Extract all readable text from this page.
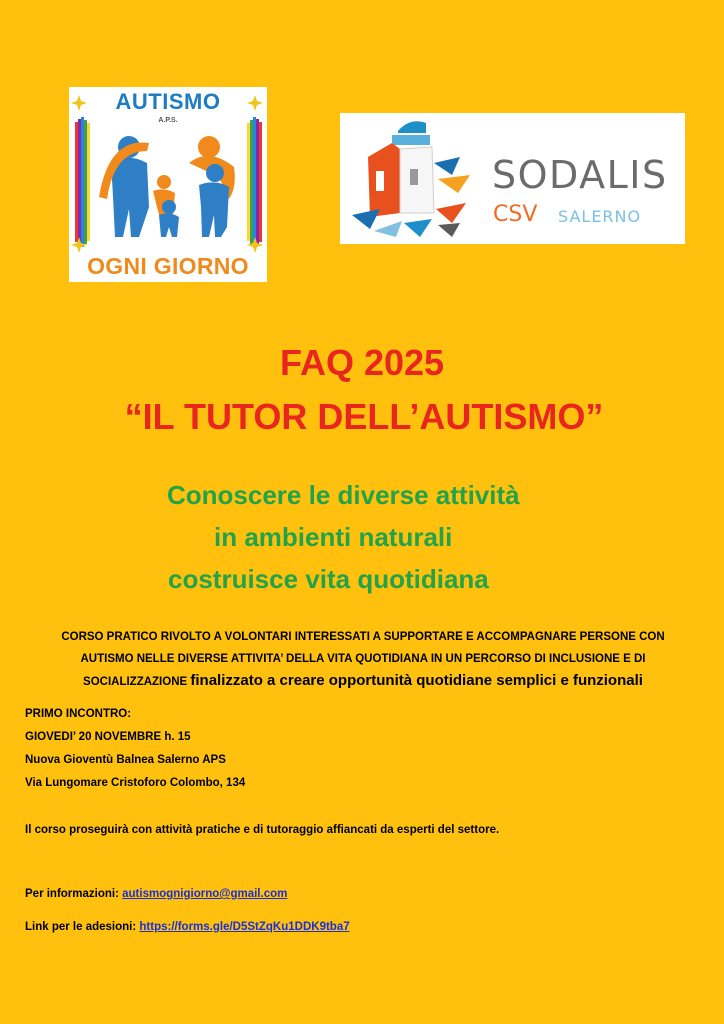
AUTISMO
A.P.S.
OGNI GIORNO
SODALIS
CSV SALERNO
FAQ 2025
“IL TUTOR DELL’AUTISMO”

Conoscere le diverse attività

in ambienti naturali

costruisce vita quotidiana

CORSO PRATICO RIVOLTO A VOLONTARI INTERESSATI A SUPPORTARE E ACCOMPAGNARE PERSONE CON
AUTISMO NELLE DIVERSE ATTIVITA’ DELLA VITA QUOTIDIANA IN UN PERCORSO DI INCLUSIONE E DI
SOCIALIZZAZIONE finalizzato a creare opportunità quotidiane semplici e funzionali

PRIMO INCONTRO:

GIOVEDI’ 20 NOVEMBRE h. 15

Nuova Gioventù Balnea Salerno APS

Via Lungomare Cristoforo Colombo, 134

Il corso proseguirà con attività pratiche e di tutoraggio affiancati da esperti del settore.

Per informazioni: autismognigiorno@gmail.com

Link per le adesioni: https://forms.gle/D5StZqKu1DDK9tba7
